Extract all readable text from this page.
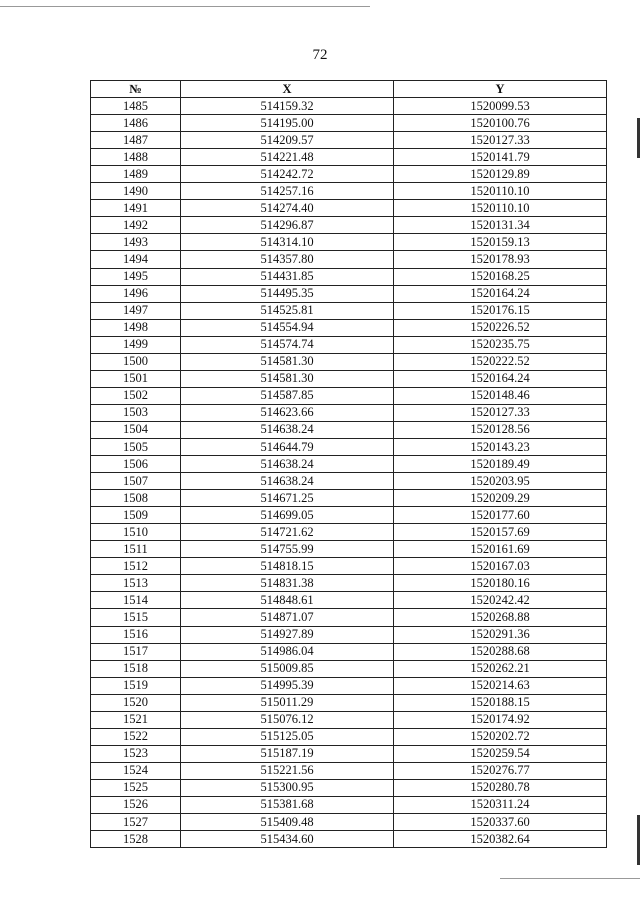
72
№	X	Y
1485	514159.32	1520099.53
1486	514195.00	1520100.76
1487	514209.57	1520127.33
1488	514221.48	1520141.79
1489	514242.72	1520129.89
1490	514257.16	1520110.10
1491	514274.40	1520110.10
1492	514296.87	1520131.34
1493	514314.10	1520159.13
1494	514357.80	1520178.93
1495	514431.85	1520168.25
1496	514495.35	1520164.24
1497	514525.81	1520176.15
1498	514554.94	1520226.52
1499	514574.74	1520235.75
1500	514581.30	1520222.52
1501	514581.30	1520164.24
1502	514587.85	1520148.46
1503	514623.66	1520127.33
1504	514638.24	1520128.56
1505	514644.79	1520143.23
1506	514638.24	1520189.49
1507	514638.24	1520203.95
1508	514671.25	1520209.29
1509	514699.05	1520177.60
1510	514721.62	1520157.69
1511	514755.99	1520161.69
1512	514818.15	1520167.03
1513	514831.38	1520180.16
1514	514848.61	1520242.42
1515	514871.07	1520268.88
1516	514927.89	1520291.36
1517	514986.04	1520288.68
1518	515009.85	1520262.21
1519	514995.39	1520214.63
1520	515011.29	1520188.15
1521	515076.12	1520174.92
1522	515125.05	1520202.72
1523	515187.19	1520259.54
1524	515221.56	1520276.77
1525	515300.95	1520280.78
1526	515381.68	1520311.24
1527	515409.48	1520337.60
1528	515434.60	1520382.64
